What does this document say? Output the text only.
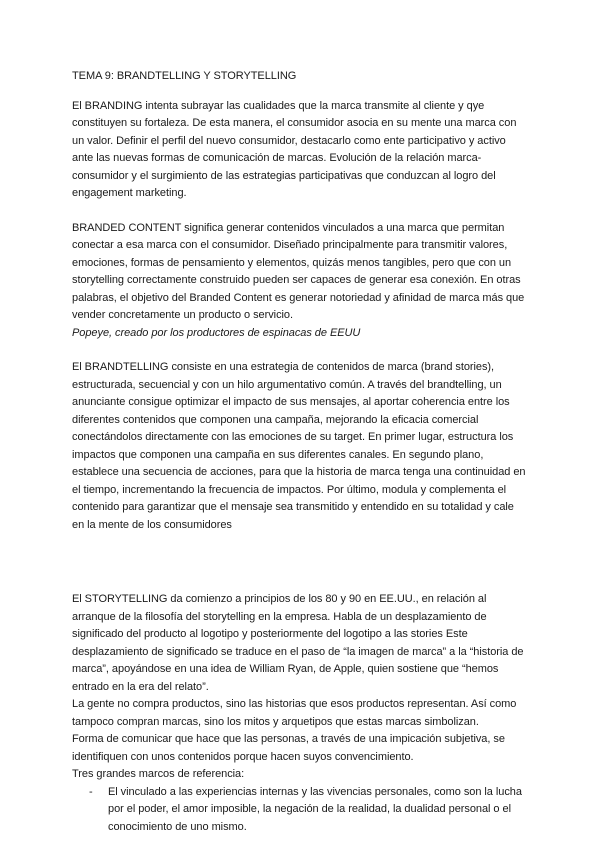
TEMA 9: BRANDTELLING Y STORYTELLING

El BRANDING intenta subrayar las cualidades que la marca transmite al cliente y qye constituyen su fortaleza. De esta manera, el consumidor asocia en su mente una marca con un valor. Definir el perfil del nuevo consumidor, destacarlo como ente participativo y activo ante las nuevas formas de comunicación de marcas. Evolución de la relación marca-consumidor y el surgimiento de las estrategias participativas que conduzcan al logro del engagement marketing.

BRANDED CONTENT significa generar contenidos vinculados a una marca que permitan conectar a esa marca con el consumidor. Diseñado principalmente para transmitir valores, emociones, formas de pensamiento y elementos, quizás menos tangibles, pero que con un storytelling correctamente construido pueden ser capaces de generar esa conexión. En otras palabras, el objetivo del Branded Content es generar notoriedad y afinidad de marca más que vender concretamente un producto o servicio.

Popeye, creado por los productores de espinacas de EEUU

El BRANDTELLING consiste en una estrategia de contenidos de marca (brand stories), estructurada, secuencial y con un hilo argumentativo común. A través del brandtelling, un anunciante consigue optimizar el impacto de sus mensajes, al aportar coherencia entre los diferentes contenidos que componen una campaña, mejorando la eficacia comercial conectándolos directamente con las emociones de su target. En primer lugar, estructura los impactos que componen una campaña en sus diferentes canales. En segundo plano, establece una secuencia de acciones, para que la historia de marca tenga una continuidad en el tiempo, incrementando la frecuencia de impactos. Por último, modula y complementa el contenido para garantizar que el mensaje sea transmitido y entendido en su totalidad y cale en la mente de los consumidores

El STORYTELLING da comienzo a principios de los 80 y 90 en EE.UU., en relación al arranque de la filosofía del storytelling en la empresa. Habla de un desplazamiento de significado del producto al logotipo y posteriormente del logotipo a las stories Este desplazamiento de significado se traduce en el paso de “la imagen de marca” a la “historia de marca”, apoyándose en una idea de William Ryan, de Apple, quien sostiene que “hemos entrado en la era del relato”.

La gente no compra productos, sino las historias que esos productos representan. Así como tampoco compran marcas, sino los mitos y arquetipos que estas marcas simbolizan.

Forma de comunicar que hace que las personas, a través de una impicación subjetiva, se identifiquen con unos contenidos porque hacen suyos convencimiento.

Tres grandes marcos de referencia:

- El vinculado a las experiencias internas y las vivencias personales, como son la lucha por el poder, el amor imposible, la negación de la realidad, la dualidad personal o el conocimiento de uno mismo.
